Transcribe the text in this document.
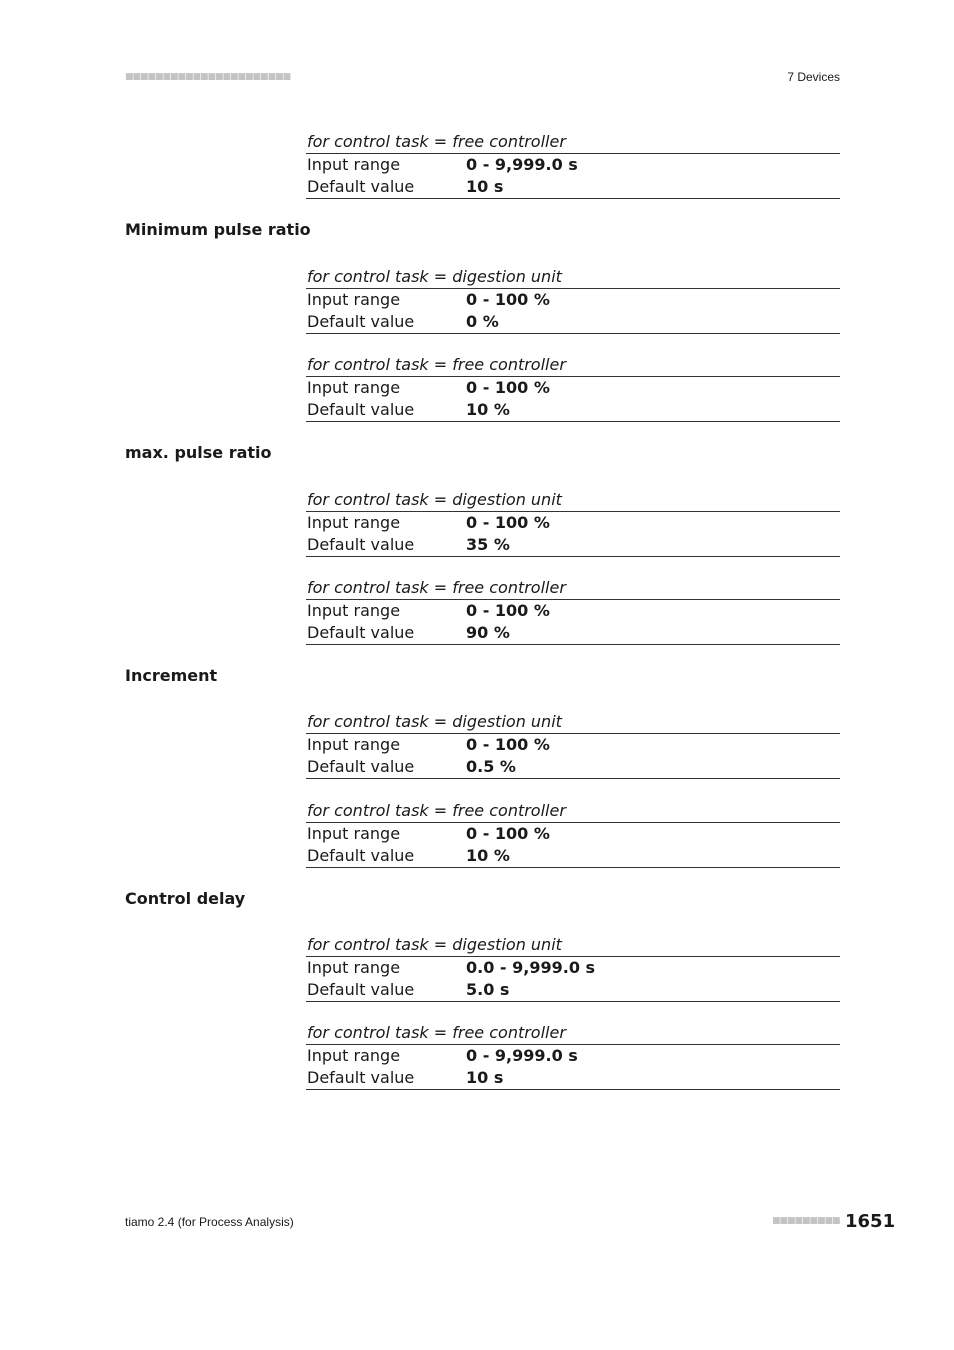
■■■■■■■■■■■■■■■■■■■■■■	7 Devices
for control task = free controller
Input range	0 - 9,999.0 s
Default value	10 s
Minimum pulse ratio
for control task = digestion unit
Input range	0 - 100 %
Default value	0 %
for control task = free controller
Input range	0 - 100 %
Default value	10 %
max. pulse ratio
for control task = digestion unit
Input range	0 - 100 %
Default value	35 %
for control task = free controller
Input range	0 - 100 %
Default value	90 %
Increment
for control task = digestion unit
Input range	0 - 100 %
Default value	0.5 %
for control task = free controller
Input range	0 - 100 %
Default value	10 %
Control delay
for control task = digestion unit
Input range	0.0 - 9,999.0 s
Default value	5.0 s
for control task = free controller
Input range	0 - 9,999.0 s
Default value	10 s
tiamo 2.4 (for Process Analysis)	■■■■■■■■■ 1651
